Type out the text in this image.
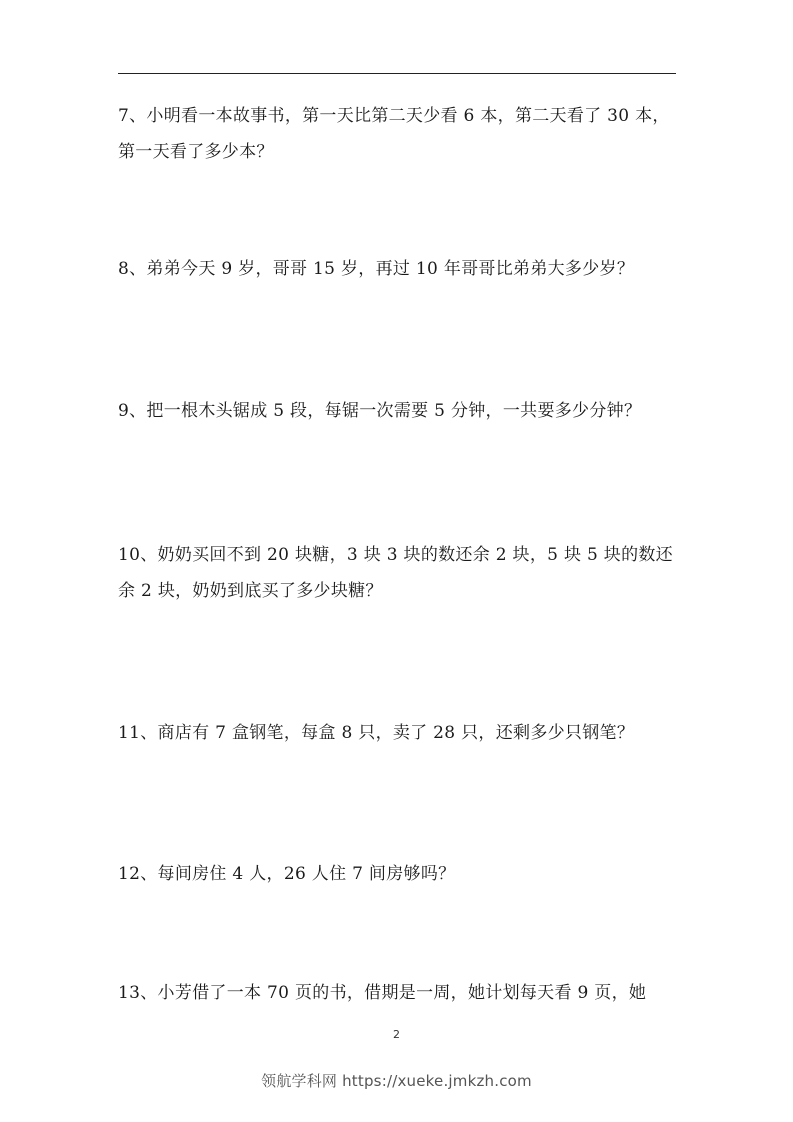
7、小明看一本故事书，第一天比第二天少看 6 本，第二天看了 30 本，
第一天看了多少本？
8、弟弟今天 9 岁，哥哥 15 岁，再过 10 年哥哥比弟弟大多少岁？
9、把一根木头锯成 5 段，每锯一次需要 5 分钟，一共要多少分钟？
10、奶奶买回不到 20 块糖，3 块 3 块的数还余 2 块，5 块 5 块的数还
余 2 块，奶奶到底买了多少块糖？
11、商店有 7 盒钢笔，每盒 8 只，卖了 28 只，还剩多少只钢笔？
12、每间房住 4 人，26 人住 7 间房够吗？
13、小芳借了一本 70 页的书，借期是一周，她计划每天看 9 页，她
2
领航学科网 https://xueke.jmkzh.com
